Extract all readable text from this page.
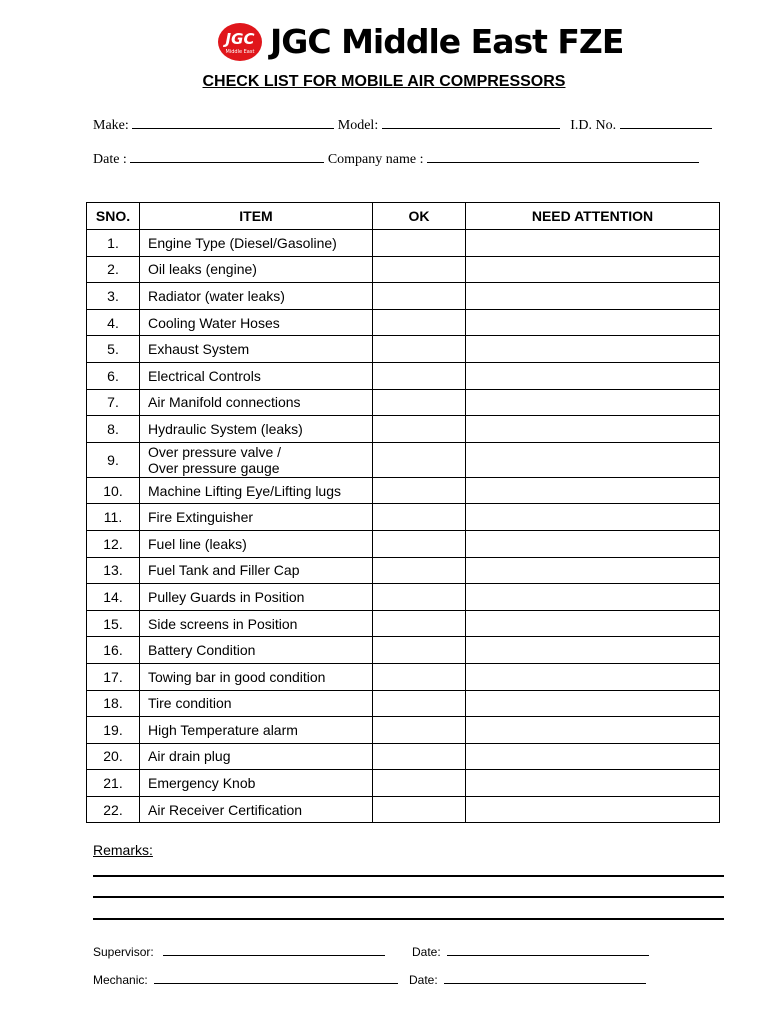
JGC
Middle East JGC Middle East FZE
CHECK LIST FOR MOBILE AIR COMPRESSORS
Make:	Model:	I.D. No.
Date :	Company name :
SNO.	ITEM	OK	NEED ATTENTION
1.	Engine Type (Diesel/Gasoline)		
2.	Oil leaks (engine)		
3.	Radiator (water leaks)		
4.	Cooling Water Hoses		
5.	Exhaust System		
6.	Electrical Controls		
7.	Air Manifold connections		
8.	Hydraulic System (leaks)		
9.	Over pressure valve /
Over pressure gauge		

10.	Machine Lifting Eye/Lifting lugs		
11.	Fire Extinguisher		
12.	Fuel line (leaks)		
13.	Fuel Tank and Filler Cap		
14.	Pulley Guards in Position		
15.	Side screens in Position		
16.	Battery Condition		
17.	Towing bar in good condition		
18.	Tire condition		
19.	High Temperature alarm		
20.	Air drain plug		
21.	Emergency Knob		
22.	Air Receiver Certification		
Remarks:
Supervisor:	Date:
Mechanic:	Date:
